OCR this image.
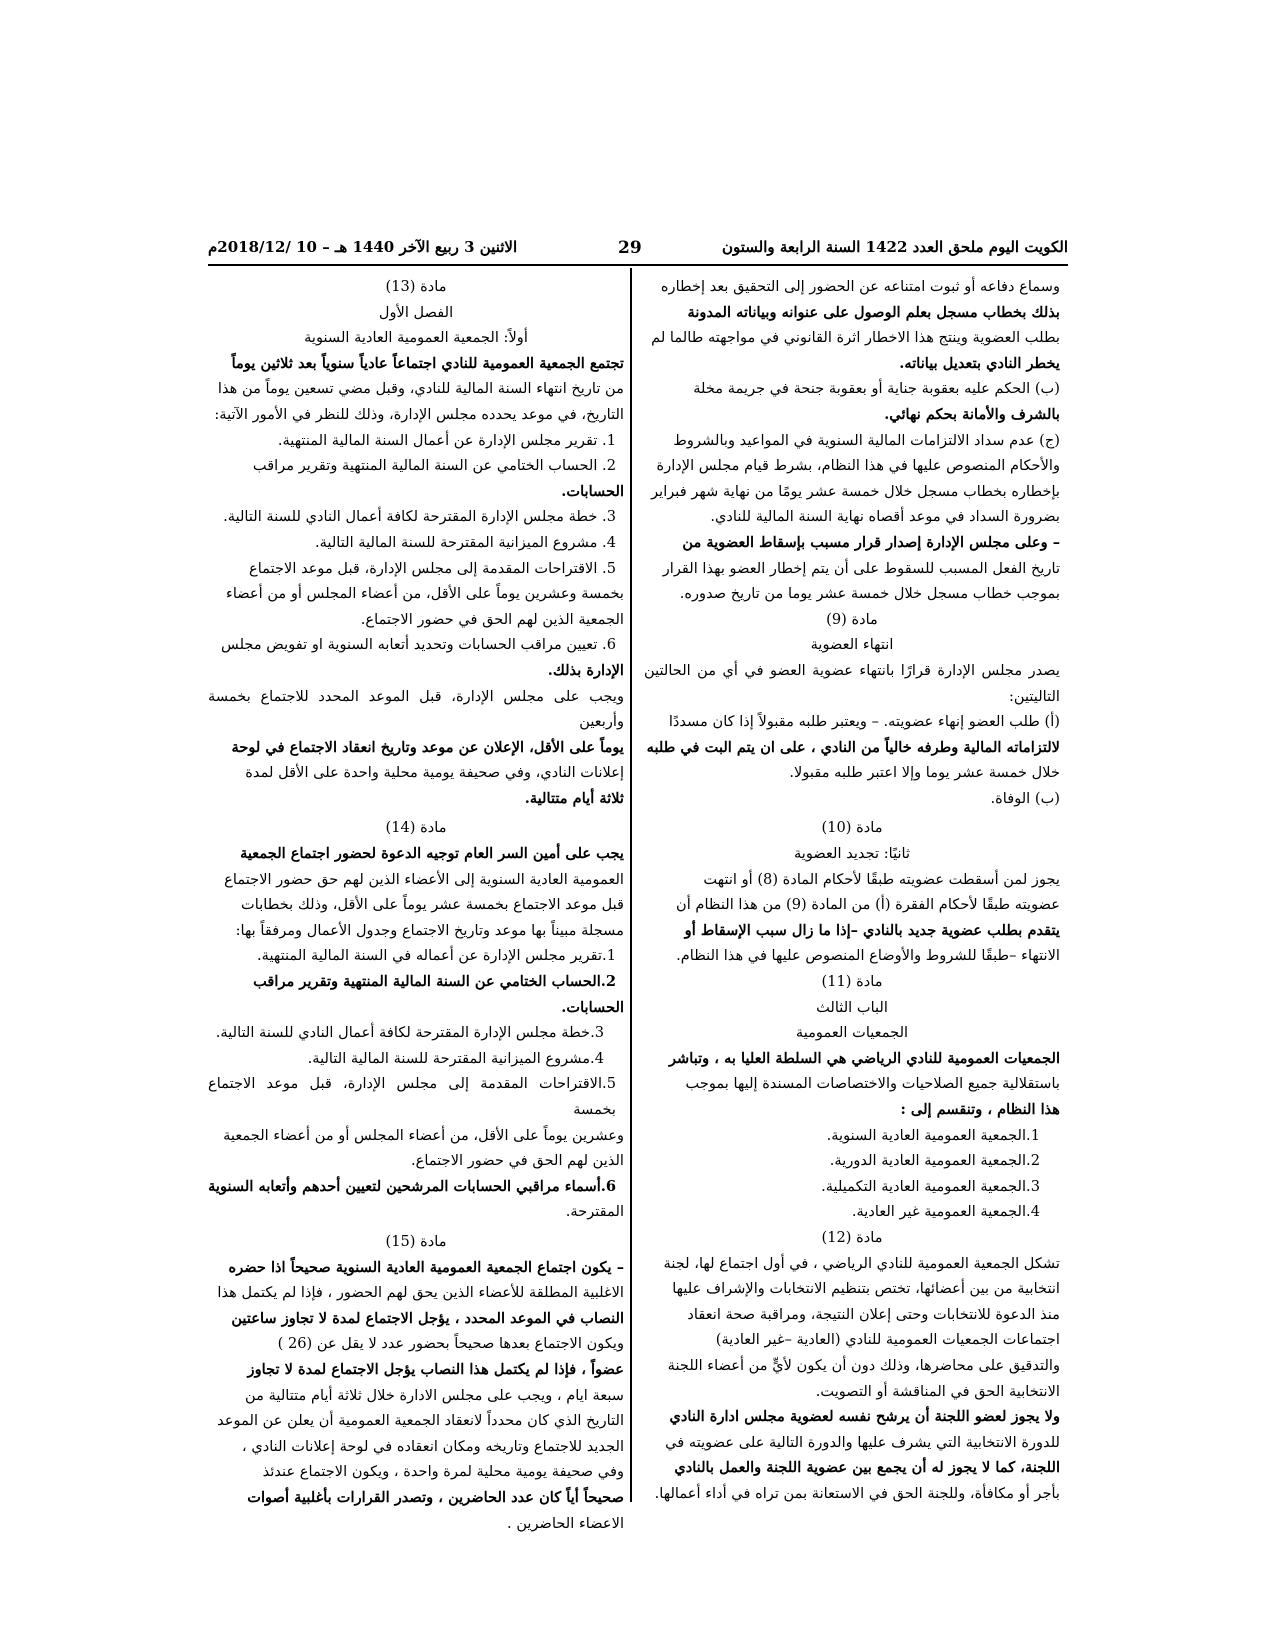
الكويت اليوم ملحق العدد 1422 السنة الرابعة والستون
29
الاثنين 3 ربيع الآخر 1440 هـ – 10 /2018/12م

وسماع دفاعه أو ثبوت امتناعه عن الحضور إلى التحقيق بعد إخطاره

بذلك بخطاب مسجل بعلم الوصول على عنوانه وبياناته المدونة

بطلب العضوية وينتج هذا الاخطار اثرة القانوني في مواجهته طالما لم

يخطر النادي بتعديل بياناته.

(ب) الحكم عليه بعقوبة جناية أو بعقوبة جنحة في جريمة مخلة

بالشرف والأمانة بحكم نهائي.

(ج) عدم سداد الالتزامات المالية السنوية في المواعيد وبالشروط

والأحكام المنصوص عليها في هذا النظام، بشرط قيام مجلس الإدارة

بإخطاره بخطاب مسجل خلال خمسة عشر يومًا من نهاية شهر فبراير

بضرورة السداد في موعد أقصاه نهاية السنة المالية للنادي.

– وعلى مجلس الإدارة إصدار قرار مسبب بإسقاط العضوية من

تاريخ الفعل المسبب للسقوط على أن يتم إخطار العضو بهذا القرار

بموجب خطاب مسجل خلال خمسة عشر يوما من تاريخ صدوره.

مادة (9)

انتهاء العضوية

يصدر مجلس الإدارة قرارًا بانتهاء عضوية العضو في أي من الحالتين التاليتين:

(أ) طلب العضو إنهاء عضويته. – ويعتبر طلبه مقبولاً إذا كان مسددًا

لالتزاماته المالية وطرفه خالياً من النادي ، على ان يتم البت في طلبه

خلال خمسة عشر يوما وإلا اعتبر طلبه مقبولا.

(ب) الوفاة.

مادة (10)

ثانيًا: تجديد العضوية

يجوز لمن أسقطت عضويته طبقًا لأحكام المادة (8) أو انتهت

عضويته طبقًا لأحكام الفقرة (أ) من المادة (9) من هذا النظام أن

يتقدم بطلب عضوية جديد بالنادي –إذا ما زال سبب الإسقاط أو

الانتهاء –طبقًا للشروط والأوضاع المنصوص عليها في هذا النظام.

مادة (11)

الباب الثالث

الجمعيات العمومية

الجمعيات العمومية للنادي الرياضي هي السلطة العليا به ، وتباشر

باستقلالية جميع الصلاحيات والاختصاصات المسندة إليها بموجب

هذا النظام ، وتنقسم إلى :

1.الجمعية العمومية العادية السنوية.

2.الجمعية العمومية العادية الدورية.

3.الجمعية العمومية العادية التكميلية.

4.الجمعية العمومية غير العادية.

مادة (12)

تشكل الجمعية العمومية للنادي الرياضي ، في أول اجتماع لها، لجنة

انتخابية من بين أعضائها، تختص بتنظيم الانتخابات والإشراف عليها

منذ الدعوة للانتخابات وحتى إعلان النتيجة، ومراقبة صحة انعقاد

اجتماعات الجمعيات العمومية للنادي (العادية –غير العادية)

والتدقيق على محاضرها، وذلك دون أن يكون لأيٍّ من أعضاء اللجنة

الانتخابية الحق في المناقشة أو التصويت.

ولا يجوز لعضو اللجنة أن يرشح نفسه لعضوية مجلس ادارة النادي

للدورة الانتخابية التي يشرف عليها والدورة التالية على عضويته في

اللجنة، كما لا يجوز له أن يجمع بين عضوية اللجنة والعمل بالنادي

بأجر أو مكافأة، وللجنة الحق في الاستعانة بمن تراه في أداء أعمالها.

مادة (13)

الفصل الأول

أولاً: الجمعية العمومية العادية السنوية

تجتمع الجمعية العمومية للنادي اجتماعاً عادياً سنوياً بعد ثلاثين يوماً

من تاريخ انتهاء السنة المالية للنادي، وقبل مضي تسعين يوماً من هذا

التاريخ، في موعد يحدده مجلس الإدارة، وذلك للنظر في الأمور الآتية:

1. تقرير مجلس الإدارة عن أعمال السنة المالية المنتهية.

2. الحساب الختامي عن السنة المالية المنتهية وتقرير مراقب

الحسابات.

3. خطة مجلس الإدارة المقترحة لكافة أعمال النادي للسنة التالية.

4. مشروع الميزانية المقترحة للسنة المالية التالية.

5. الاقتراحات المقدمة إلى مجلس الإدارة، قبل موعد الاجتماع

بخمسة وعشرين يوماً على الأقل، من أعضاء المجلس أو من أعضاء

الجمعية الذين لهم الحق في حضور الاجتماع.

6. تعيين مراقب الحسابات وتحديد أتعابه السنوية او تفويض مجلس

الإدارة بذلك.

ويجب على مجلس الإدارة، قبل الموعد المحدد للاجتماع بخمسة وأربعين

يوماً على الأقل، الإعلان عن موعد وتاريخ انعقاد الاجتماع في لوحة

إعلانات النادي، وفي صحيفة يومية محلية واحدة على الأقل لمدة

ثلاثة أيام متتالية.

مادة (14)

يجب على أمين السر العام توجيه الدعوة لحضور اجتماع الجمعية

العمومية العادية السنوية إلى الأعضاء الذين لهم حق حضور الاجتماع

قبل موعد الاجتماع بخمسة عشر يوماً على الأقل، وذلك بخطابات

مسجلة مبيناً بها موعد وتاريخ الاجتماع وجدول الأعمال ومرفقاً بها:

1.تقرير مجلس الإدارة عن أعماله في السنة المالية المنتهية.

2.الحساب الختامي عن السنة المالية المنتهية وتقرير مراقب

الحسابات.

3.خطة مجلس الإدارة المقترحة لكافة أعمال النادي للسنة التالية.

4.مشروع الميزانية المقترحة للسنة المالية التالية.

5.الاقتراحات المقدمة إلى مجلس الإدارة، قبل موعد الاجتماع بخمسة

وعشرين يوماً على الأقل، من أعضاء المجلس أو من أعضاء الجمعية

الذين لهم الحق في حضور الاجتماع.

6.أسماء مراقبي الحسابات المرشحين لتعيين أحدهم وأتعابه السنوية

المقترحة.

مادة (15)

– يكون اجتماع الجمعية العمومية العادية السنوية صحيحاً اذا حضره

الاغلبية المطلقة للأعضاء الذين يحق لهم الحضور ، فإذا لم يكتمل هذا

النصاب في الموعد المحدد ، يؤجل الاجتماع لمدة لا تجاوز ساعتين

ويكون الاجتماع بعدها صحيحاً بحضور عدد لا يقل عن (26 )

عضواً ، فإذا لم يكتمل هذا النصاب يؤجل الاجتماع لمدة لا تجاوز

سبعة ايام ، ويجب على مجلس الادارة خلال ثلاثة أيام متتالية من

التاريخ الذي كان محدداً لانعقاد الجمعية العمومية أن يعلن عن الموعد

الجديد للاجتماع وتاريخه ومكان انعقاده في لوحة إعلانات النادي ،

وفي صحيفة يومية محلية لمرة واحدة ، ويكون الاجتماع عندئذ

صحيحاً أياً كان عدد الحاضرين ، وتصدر القرارات بأغلبية أصوات

الاعضاء الحاضرين .
